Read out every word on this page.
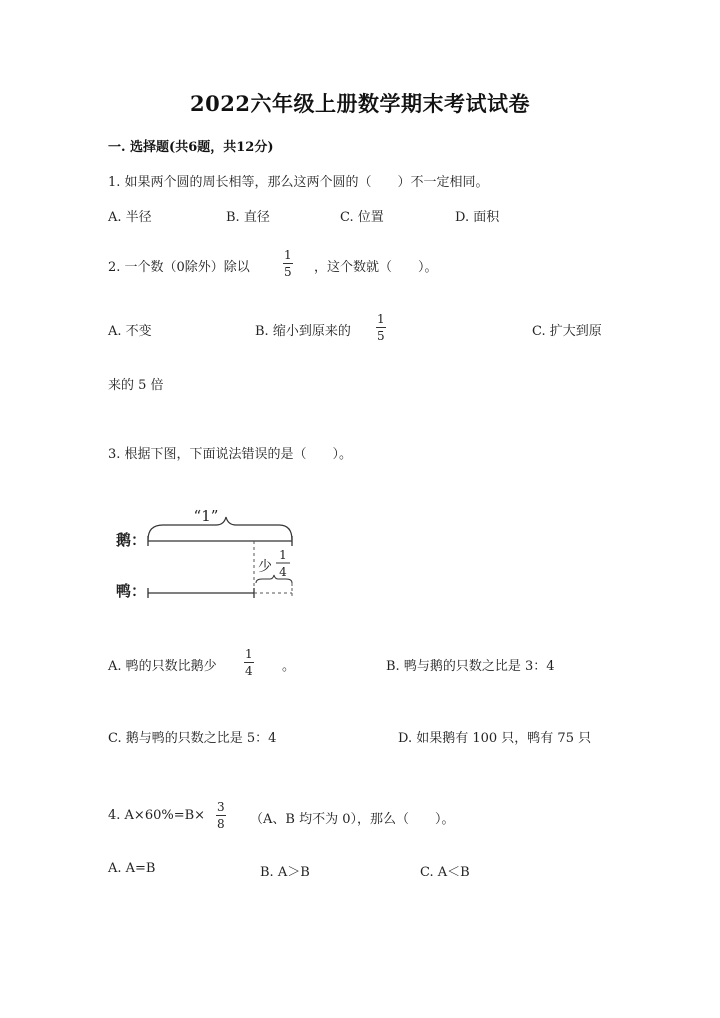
2022六年级上册数学期末考试试卷
一. 选择题(共6题，共12分)
1. 如果两个圆的周长相等，那么这两个圆的（　　）不一定相同。
A. 半径	B. 直径	C. 位置	D. 面积
2. 一个数（0除外）除以
1
5 ，这个数就（　　）。
A. 不变	B. 缩小到原来的
1
5	C. 扩大到原
来的 5 倍
3. 根据下图，下面说法错误的是（　　）。
“1”
鹅：
少
1
4
鸭：
A. 鸭的只数比鹅少
1
4 。	B. 鸭与鹅的只数之比是 3：4
C. 鹅与鸭的只数之比是 5：4	D. 如果鹅有 100 只，鸭有 75 只
4. A×60%=B×
3
8 （A、B 均不为 0），那么（　　）。
A. A=B	B. A＞B	C. A＜B
